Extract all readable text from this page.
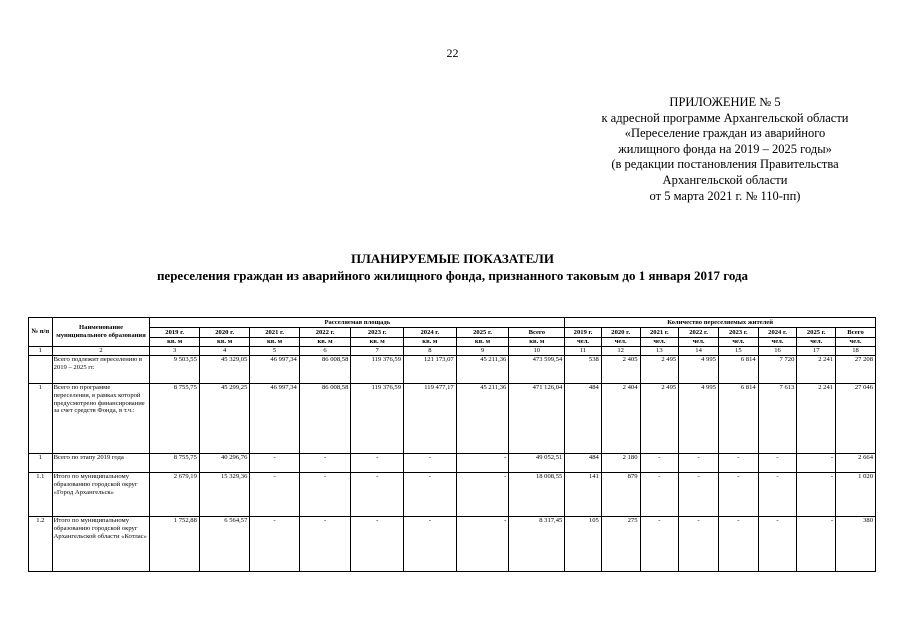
22
ПРИЛОЖЕНИЕ № 5
к адресной программе Архангельской области
«Переселение граждан из аварийного
жилищного фонда на 2019 – 2025 годы»
(в редакции постановления Правительства
Архангельской области
от 5 марта 2021 г. № 110-пп)
ПЛАНИРУЕМЫЕ ПОКАЗАТЕЛИ
переселения граждан из аварийного жилищного фонда, признанного таковым до 1 января 2017 года
№ п/п	Наименование муниципального образования	Расселяемая площадь								Количество переселяемых жителей							
		2019 г.	2020 г.	2021 г.	2022 г.	2023 г.	2024 г.	2025 г.	Всего	2019 г.	2020 г.	2021 г.	2022 г.	2023 г.	2024 г.	2025 г.	Всего
		кв. м	кв. м	кв. м	кв. м	кв. м	кв. м	кв. м	кв. м	чел.	чел.	чел.	чел.	чел.	чел.	чел.	чел.
1	2	3	4	5	6	7	8	9	10	11	12	13	14	15	16	17	18
	Всего подлежит переселению в 2019 – 2025 гг.	9 503,55	45 329,05	46 997,34	86 008,58	119 376,59	121 173,07	45 211,36	473 599,54	538	2 405	2 495	4 995	6 814	7 720	2 241	27 208
1	Всего по программе переселения, в рамках которой предусмотрено финансирование за счет средств Фонда, в т.ч.:	8 755,75	45 299,25	46 997,34	86 008,58	119 376,59	119 477,17	45 211,36	471 126,04	484	2 404	2 495	4 995	6 814	7 613	2 241	27 046
1	Всего по этапу 2019 года	8 755,75	40 296,76	-	-	-	-	-	49 052,51	484	2 180	-	-	-	-	-	2 664
1.1	Итого по муниципальному образованию городской округ «Город Архангельск»	2 679,19	15 329,36	-	-	-	-	-	18 008,55	141	879	-	-	-	-	-	1 020
1.2	Итого по муниципальному образованию городской округ Архангельской области «Котлас»	1 752,88	6 564,57	-	-	-	-	-	8 317,45	105	275	-	-	-	-	-	380
